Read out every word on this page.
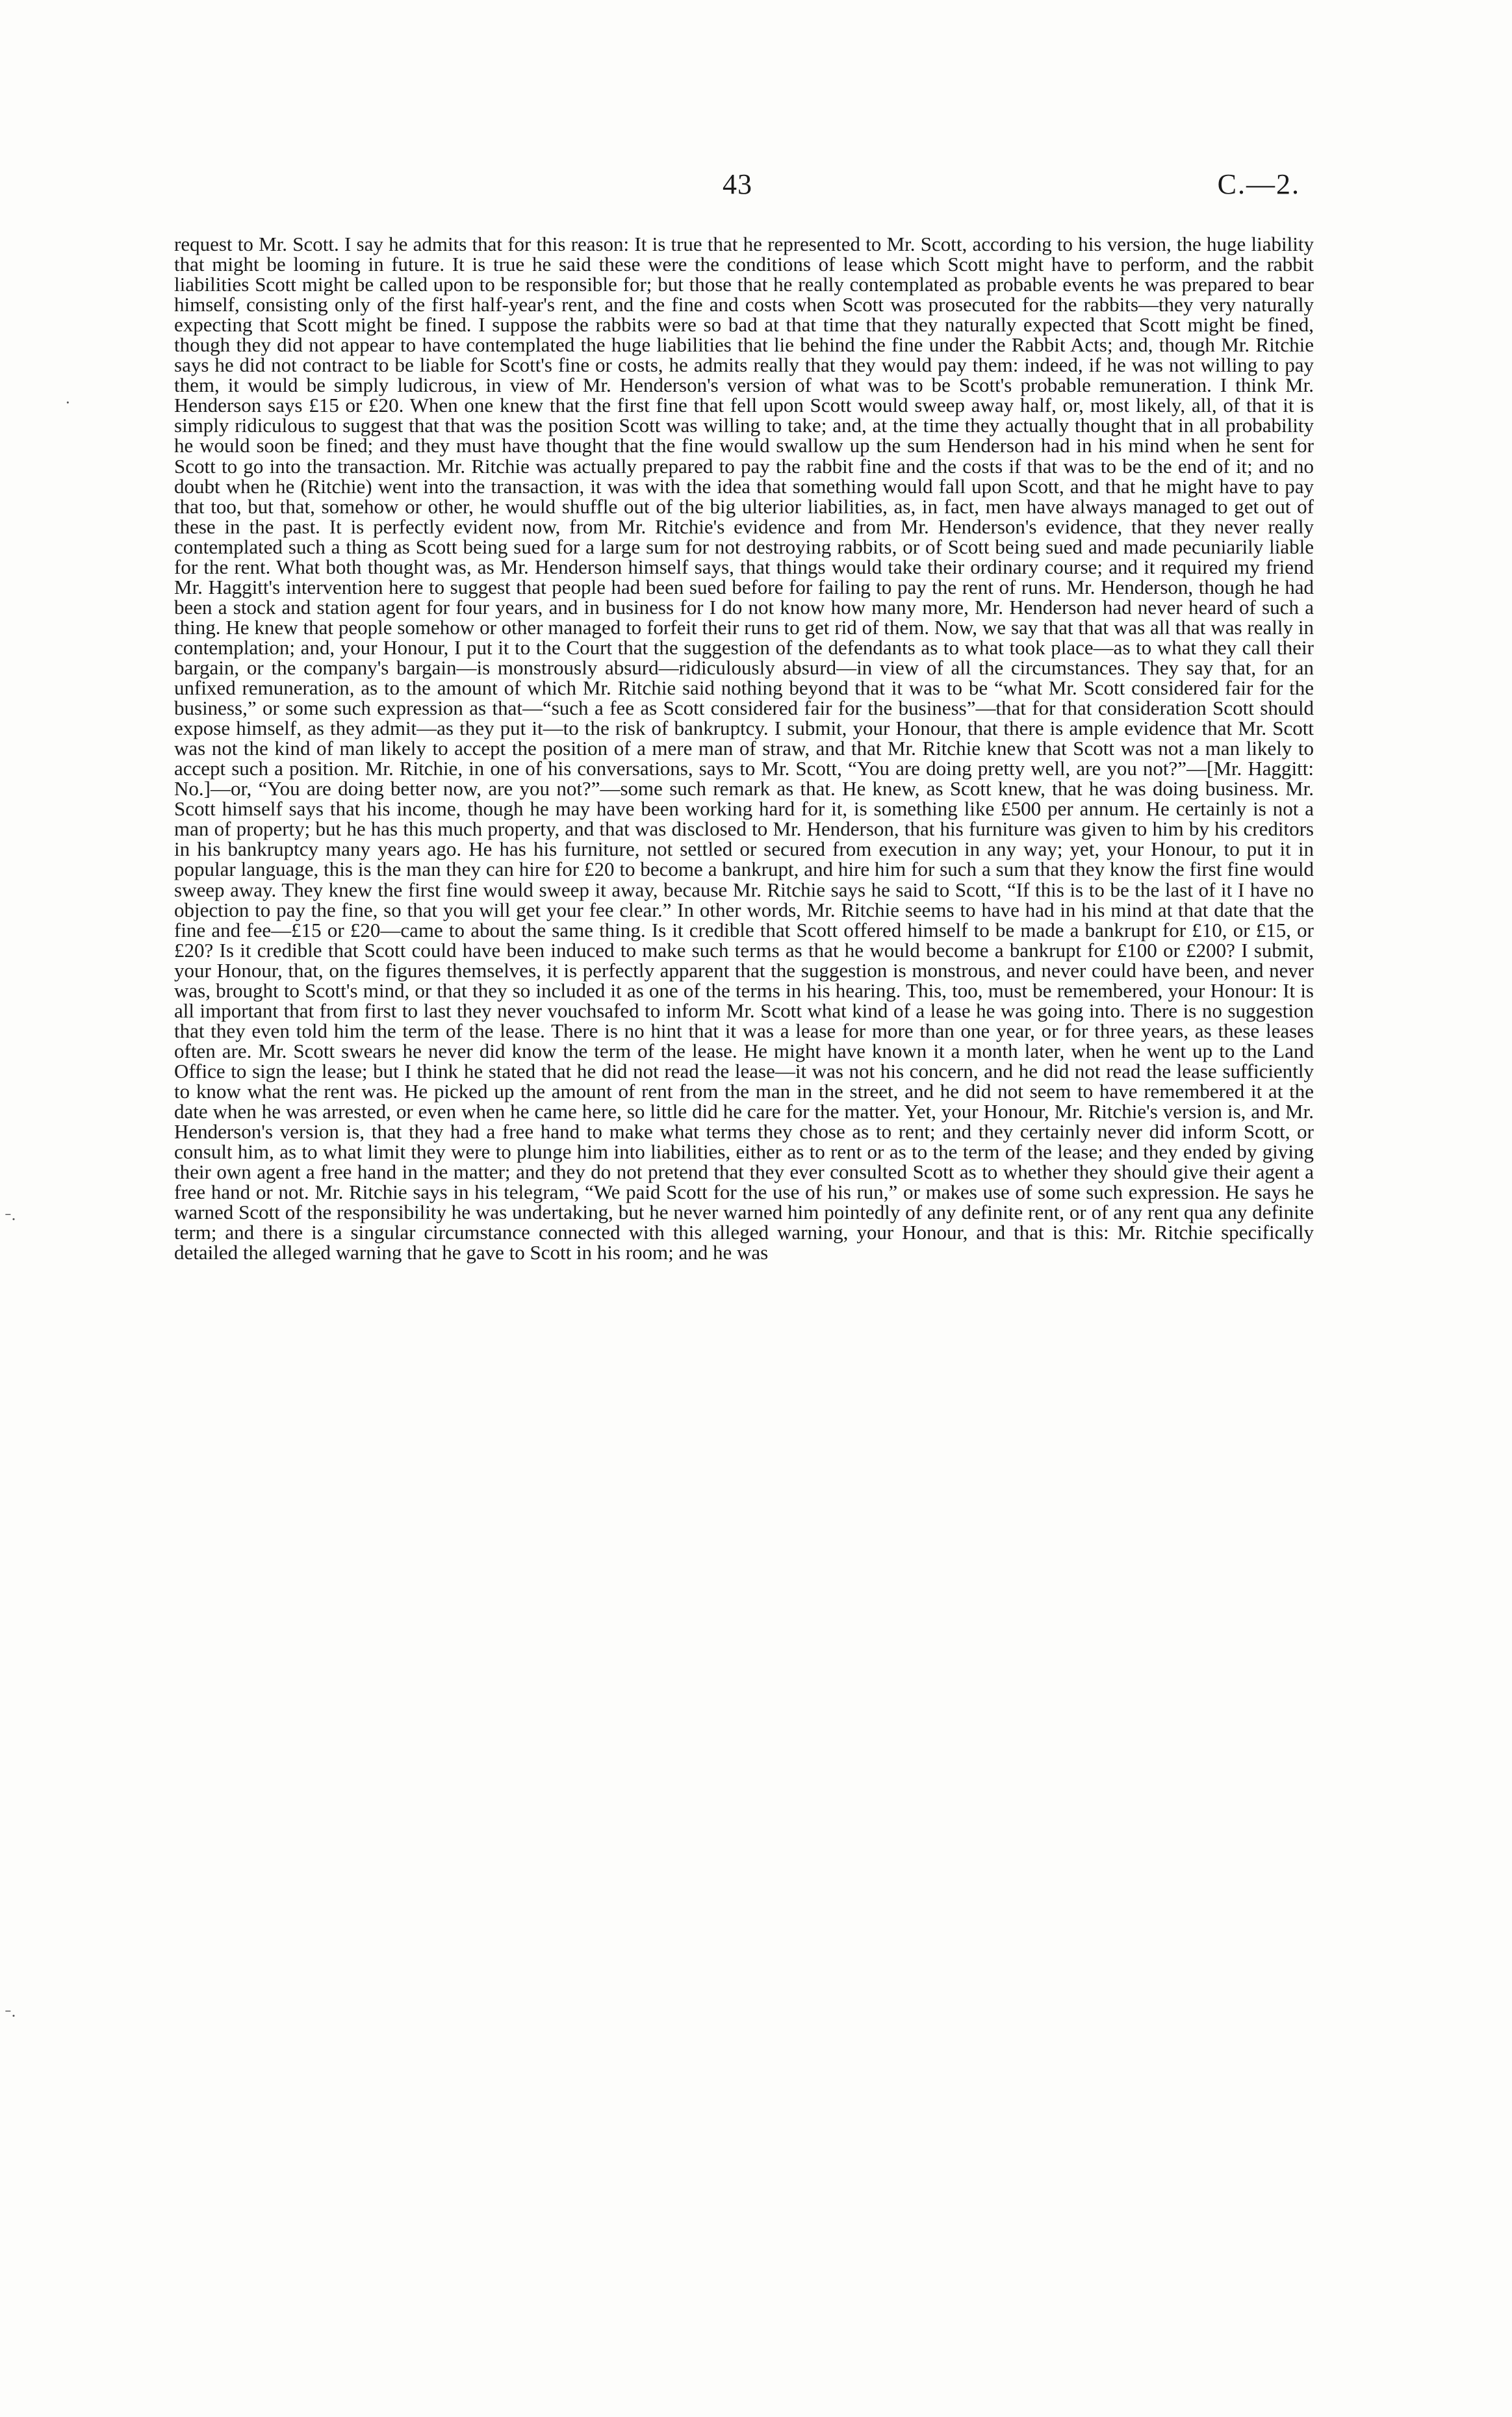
43	C.—2.

request to Mr. Scott. I say he admits that for this reason: It is true that he represented to Mr. Scott, according to his version, the huge liability that might be looming in future. It is true he said these were the conditions of lease which Scott might have to perform, and the rabbit liabilities Scott might be called upon to be responsible for; but those that he really contemplated as probable events he was prepared to bear himself, consisting only of the first half-year's rent, and the fine and costs when Scott was prosecuted for the rabbits—they very naturally expecting that Scott might be fined. I suppose the rabbits were so bad at that time that they naturally expected that Scott might be fined, though they did not appear to have contemplated the huge liabilities that lie behind the fine under the Rabbit Acts; and, though Mr. Ritchie says he did not contract to be liable for Scott's fine or costs, he admits really that they would pay them: indeed, if he was not willing to pay them, it would be simply ludicrous, in view of Mr. Henderson's version of what was to be Scott's probable remuneration. I think Mr. Henderson says £15 or £20. When one knew that the first fine that fell upon Scott would sweep away half, or, most likely, all, of that it is simply ridiculous to suggest that that was the position Scott was willing to take; and, at the time they actually thought that in all probability he would soon be fined; and they must have thought that the fine would swallow up the sum Henderson had in his mind when he sent for Scott to go into the transaction. Mr. Ritchie was actually prepared to pay the rabbit fine and the costs if that was to be the end of it; and no doubt when he (Ritchie) went into the transaction, it was with the idea that something would fall upon Scott, and that he might have to pay that too, but that, somehow or other, he would shuffle out of the big ulterior liabilities, as, in fact, men have always managed to get out of these in the past. It is perfectly evident now, from Mr. Ritchie's evidence and from Mr. Henderson's evidence, that they never really contemplated such a thing as Scott being sued for a large sum for not destroying rabbits, or of Scott being sued and made pecuniarily liable for the rent. What both thought was, as Mr. Henderson himself says, that things would take their ordinary course; and it required my friend Mr. Haggitt's intervention here to suggest that people had been sued before for failing to pay the rent of runs. Mr. Henderson, though he had been a stock and station agent for four years, and in business for I do not know how many more, Mr. Henderson had never heard of such a thing. He knew that people somehow or other managed to forfeit their runs to get rid of them. Now, we say that that was all that was really in contemplation; and, your Honour, I put it to the Court that the suggestion of the defendants as to what took place—as to what they call their bargain, or the company's bargain—is monstrously absurd—ridiculously absurd—in view of all the circumstances. They say that, for an unfixed remuneration, as to the amount of which Mr. Ritchie said nothing beyond that it was to be “what Mr. Scott considered fair for the business,” or some such expression as that—“such a fee as Scott considered fair for the business”—that for that consideration Scott should expose himself, as they admit—as they put it—to the risk of bankruptcy. I submit, your Honour, that there is ample evidence that Mr. Scott was not the kind of man likely to accept the position of a mere man of straw, and that Mr. Ritchie knew that Scott was not a man likely to accept such a position. Mr. Ritchie, in one of his conversations, says to Mr. Scott, “You are doing pretty well, are you not?”—[Mr. Haggitt: No.]—or, “You are doing better now, are you not?”—some such remark as that. He knew, as Scott knew, that he was doing business. Mr. Scott himself says that his income, though he may have been working hard for it, is something like £500 per annum. He certainly is not a man of property; but he has this much property, and that was disclosed to Mr. Henderson, that his furniture was given to him by his creditors in his bankruptcy many years ago. He has his furniture, not settled or secured from execution in any way; yet, your Honour, to put it in popular language, this is the man they can hire for £20 to become a bankrupt, and hire him for such a sum that they know the first fine would sweep away. They knew the first fine would sweep it away, because Mr. Ritchie says he said to Scott, “If this is to be the last of it I have no objection to pay the fine, so that you will get your fee clear.” In other words, Mr. Ritchie seems to have had in his mind at that date that the fine and fee—£15 or £20—came to about the same thing. Is it credible that Scott offered himself to be made a bankrupt for £10, or £15, or £20? Is it credible that Scott could have been induced to make such terms as that he would become a bankrupt for £100 or £200? I submit, your Honour, that, on the figures themselves, it is perfectly apparent that the suggestion is monstrous, and never could have been, and never was, brought to Scott's mind, or that they so included it as one of the terms in his hearing. This, too, must be remembered, your Honour: It is all important that from first to last they never vouchsafed to inform Mr. Scott what kind of a lease he was going into. There is no suggestion that they even told him the term of the lease. There is no hint that it was a lease for more than one year, or for three years, as these leases often are. Mr. Scott swears he never did know the term of the lease. He might have known it a month later, when he went up to the Land Office to sign the lease; but I think he stated that he did not read the lease—it was not his concern, and he did not read the lease sufficiently to know what the rent was. He picked up the amount of rent from the man in the street, and he did not seem to have remembered it at the date when he was arrested, or even when he came here, so little did he care for the matter. Yet, your Honour, Mr. Ritchie's version is, and Mr. Henderson's version is, that they had a free hand to make what terms they chose as to rent; and they certainly never did inform Scott, or consult him, as to what limit they were to plunge him into liabilities, either as to rent or as to the term of the lease; and they ended by giving their own agent a free hand in the matter; and they do not pretend that they ever consulted Scott as to whether they should give their agent a free hand or not. Mr. Ritchie says in his telegram, “We paid Scott for the use of his run,” or makes use of some such expression. He says he warned Scott of the responsibility he was undertaking, but he never warned him pointedly of any definite rent, or of any rent qua any definite term; and there is a singular circumstance connected with this alleged warning, your Honour, and that is this: Mr. Ritchie specifically detailed the alleged warning that he gave to Scott in his room; and he was

ˉ·
ˉ·
·
